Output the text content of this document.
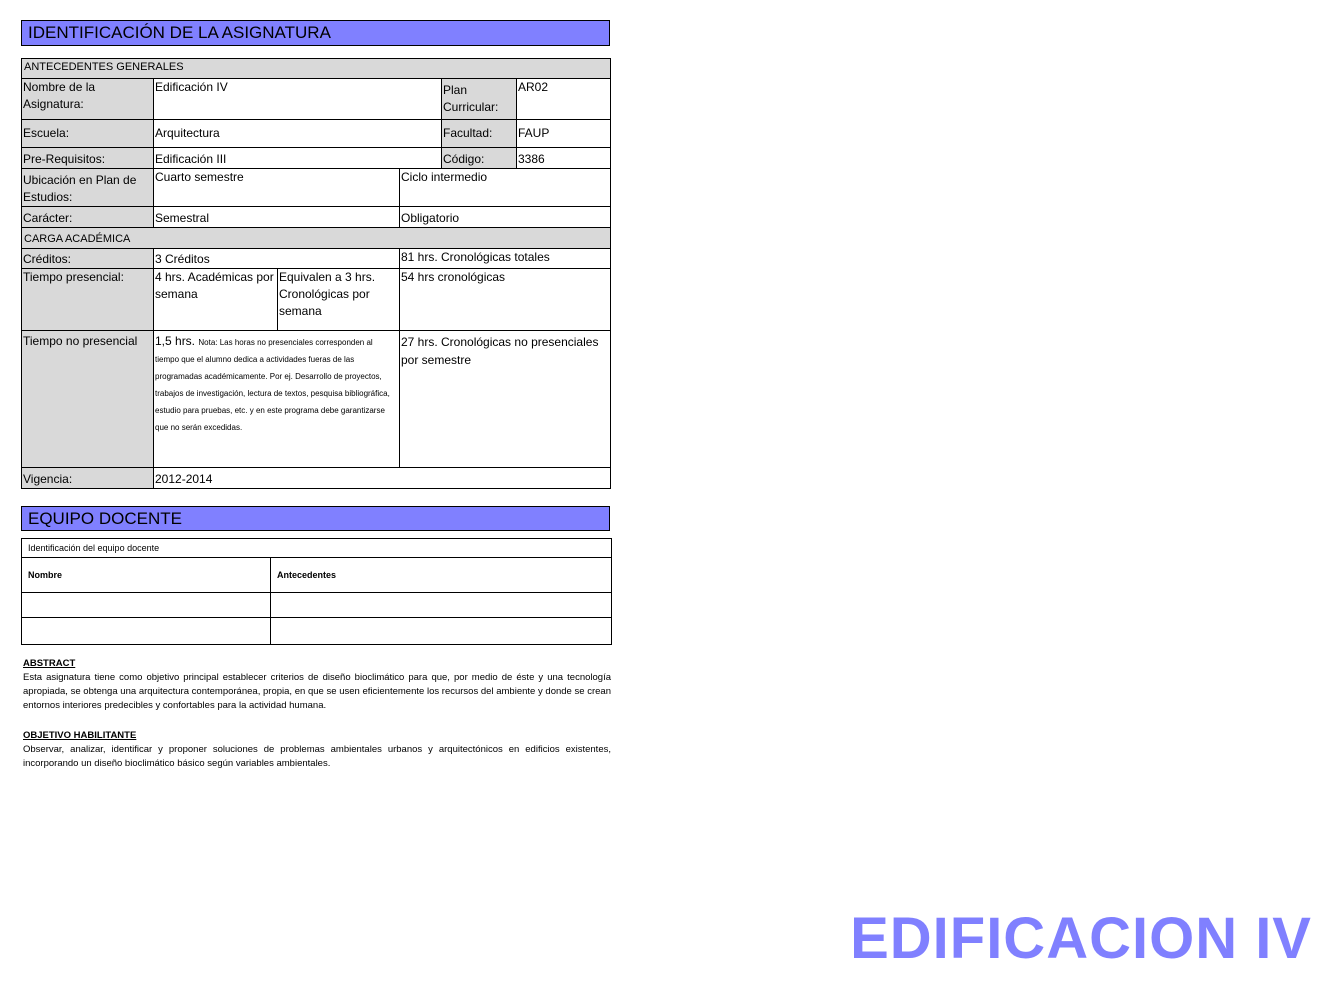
IDENTIFICACIÓN DE LA ASIGNATURA
ANTECEDENTES GENERALES					
Nombre de la Asignatura:	Edificación IV			Plan Curricular:	AR02
Escuela:	Arquitectura			Facultad:	FAUP
Pre-Requisitos:	Edificación III			Código:	3386
Ubicación en Plan de Estudios:	Cuarto semestre		Ciclo intermedio		
Carácter:	Semestral		Obligatorio		
CARGA ACADÉMICA					
Créditos:	3 Créditos		81 hrs. Cronológicas totales		
Tiempo presencial:	4 hrs. Académicas por semana	Equivalen a 3 hrs. Cronológicas por semana	54 hrs cronológicas		
Tiempo no presencial	1,5 hrs. Nota: Las horas no presenciales corresponden al tiempo que el alumno dedica a actividades fueras de las programadas académicamente. Por ej. Desarrollo de proyectos, trabajos de investigación, lectura de textos, pesquisa bibliográfica, estudio para pruebas, etc. y en este programa debe garantizarse que no serán excedidas.		27 hrs. Cronológicas no presenciales por semestre		
Vigencia:	2012-2014				
EQUIPO DOCENTE
Identificación del equipo docente	
Nombre	Antecedentes

ABSTRACT
Esta asignatura tiene como objetivo principal establecer criterios de diseño bioclimático para que, por medio de éste y una tecnología apropiada, se obtenga una arquitectura contemporánea, propia, en que se usen eficientemente los recursos del ambiente y donde se crean entornos interiores predecibles y confortables para la actividad humana.
OBJETIVO HABILITANTE
Observar, analizar, identificar y proponer soluciones de problemas ambientales urbanos y arquitectónicos en edificios existentes, incorporando un diseño bioclimático básico según variables ambientales.
EDIFICACION IV
